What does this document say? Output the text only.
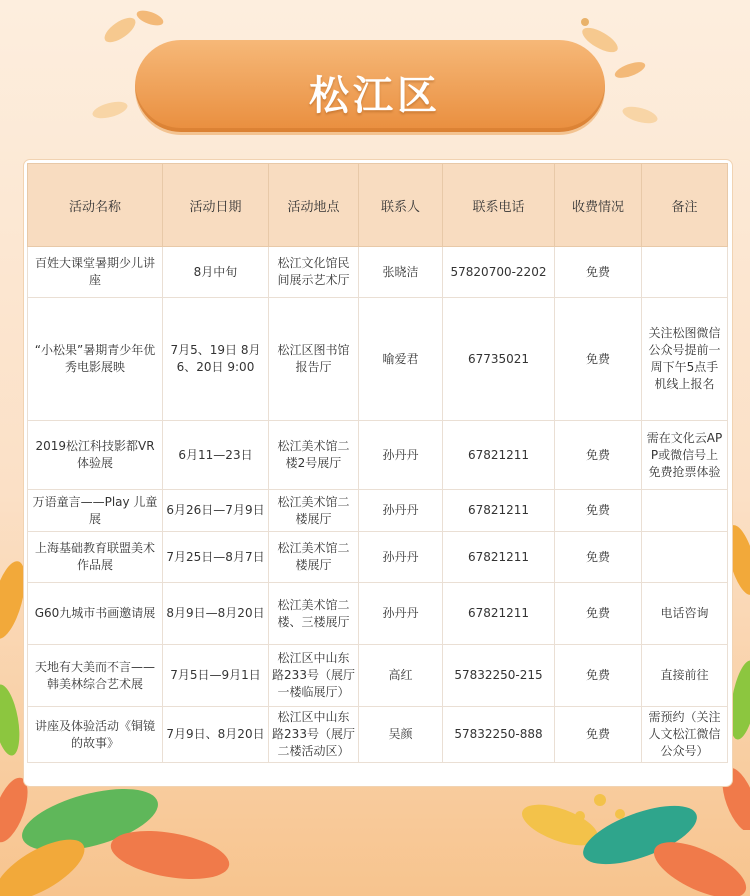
松江区
活动名称	活动日期	活动地点	联系人	联系电话	收费情况	备注
百姓大课堂暑期少儿讲座	8月中旬	松江文化馆民间展示艺术厅	张晓洁	57820700-2202	免费	
“小松果”暑期青少年优秀电影展映	7月5、19日 8月6、20日 9:00	松江区图书馆报告厅	喻爱君	67735021	免费	关注松图微信公众号提前一周下午5点手机线上报名
2019松江科技影都VR体验展	6月11—23日	松江美术馆二楼2号展厅	孙丹丹	67821211	免费	需在文化云APP或微信号上免费抢票体验
万语童言——Play 儿童展	6月26日—7月9日	松江美术馆二楼展厅	孙丹丹	67821211	免费	
上海基础教育联盟美术作品展	7月25日—8月7日	松江美术馆二楼展厅	孙丹丹	67821211	免费	
G60九城市书画邀请展	8月9日—8月20日	松江美术馆二楼、三楼展厅	孙丹丹	67821211	免费	电话咨询
天地有大美而不言——韩美林综合艺术展	7月5日—9月1日	松江区中山东路233号（展厅一楼临展厅）	高红	57832250-215	免费	直接前往
讲座及体验活动《铜镜的故事》	7月9日、8月20日	松江区中山东路233号（展厅二楼活动区）	吴颜	57832250-888	免费	需预约（关注人文松江微信公众号）
